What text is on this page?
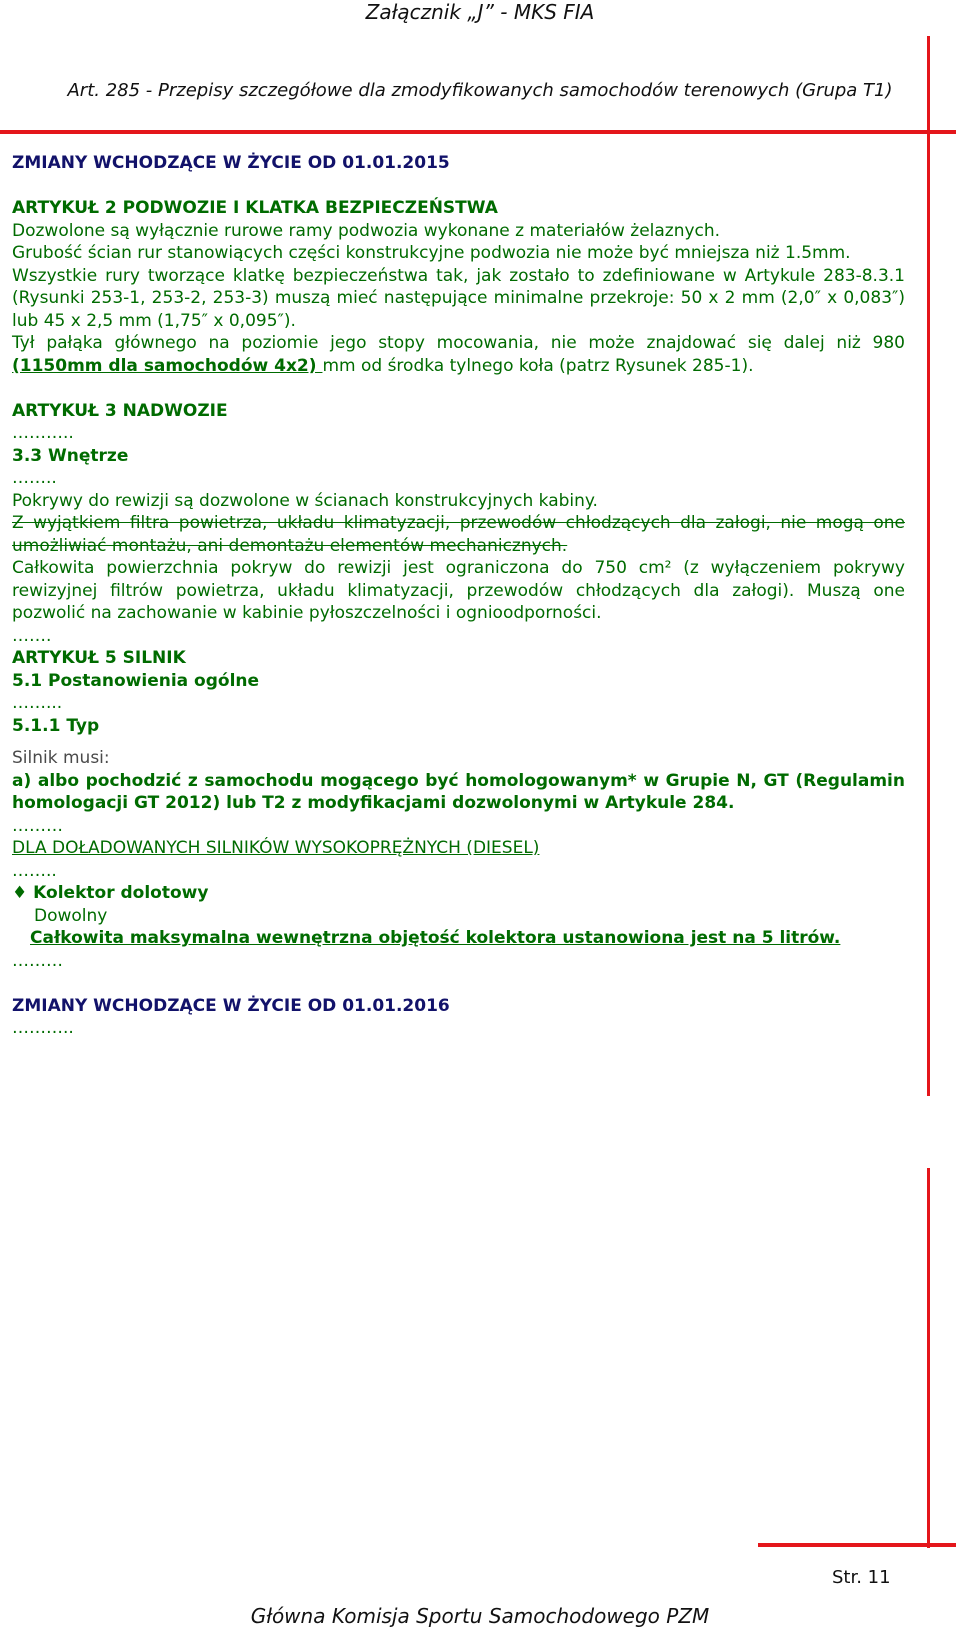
Załącznik „J” - MKS FIA
Art. 285 - Przepisy szczegółowe dla zmodyfikowanych samochodów terenowych (Grupa T1)

ZMIANY WCHODZĄCE W ŻYCIE OD 01.01.2015

ARTYKUŁ 2 PODWOZIE I KLATKA BEZPIECZEŃSTWA

Dozwolone są wyłącznie rurowe ramy podwozia wykonane z materiałów żelaznych.

Grubość ścian rur stanowiących części konstrukcyjne podwozia nie może być mniejsza niż 1.5mm.

Wszystkie rury tworzące klatkę bezpieczeństwa tak, jak zostało to zdefiniowane w Artykule 283-8.3.1 (Rysunki 253-1, 253-2, 253-3) muszą mieć następujące minimalne przekroje: 50 x 2 mm (2,0″ x 0,083″) lub 45 x 2,5 mm (1,75″ x 0,095″).

Tył pałąka głównego na poziomie jego stopy mocowania, nie może znajdować się dalej niż 980 (1150mm dla samochodów 4x2) mm od środka tylnego koła (patrz Rysunek 285-1).

ARTYKUŁ 3 NADWOZIE

………..

3.3 Wnętrze

……..

Pokrywy do rewizji są dozwolone w ścianach konstrukcyjnych kabiny.

Z wyjątkiem filtra powietrza, układu klimatyzacji, przewodów chłodzących dla załogi, nie mogą one umożliwiać montażu, ani demontażu elementów mechanicznych.

Całkowita powierzchnia pokryw do rewizji jest ograniczona do 750 cm² (z wyłączeniem pokrywy rewizyjnej filtrów powietrza, układu klimatyzacji, przewodów chłodzących dla załogi). Muszą one pozwolić na zachowanie w kabinie pyłoszczelności i ognioodporności.

…….

ARTYKUŁ 5 SILNIK

5.1 Postanowienia ogólne

……...

5.1.1 Typ

Silnik musi:

a) albo pochodzić z samochodu mogącego być homologowanym* w Grupie N, GT (Regulamin homologacji GT 2012) lub T2 z modyfikacjami dozwolonymi w Artykule 284.

………

DLA DOŁADOWANYCH SILNIKÓW WYSOKOPRĘŻNYCH (DIESEL)

……..

♦ Kolektor dolotowy

Dowolny

Całkowita maksymalna wewnętrzna objętość kolektora ustanowiona jest na 5 litrów.

………

ZMIANY WCHODZĄCE W ŻYCIE OD 01.01.2016

………..

Str. 11
Główna Komisja Sportu Samochodowego PZM
